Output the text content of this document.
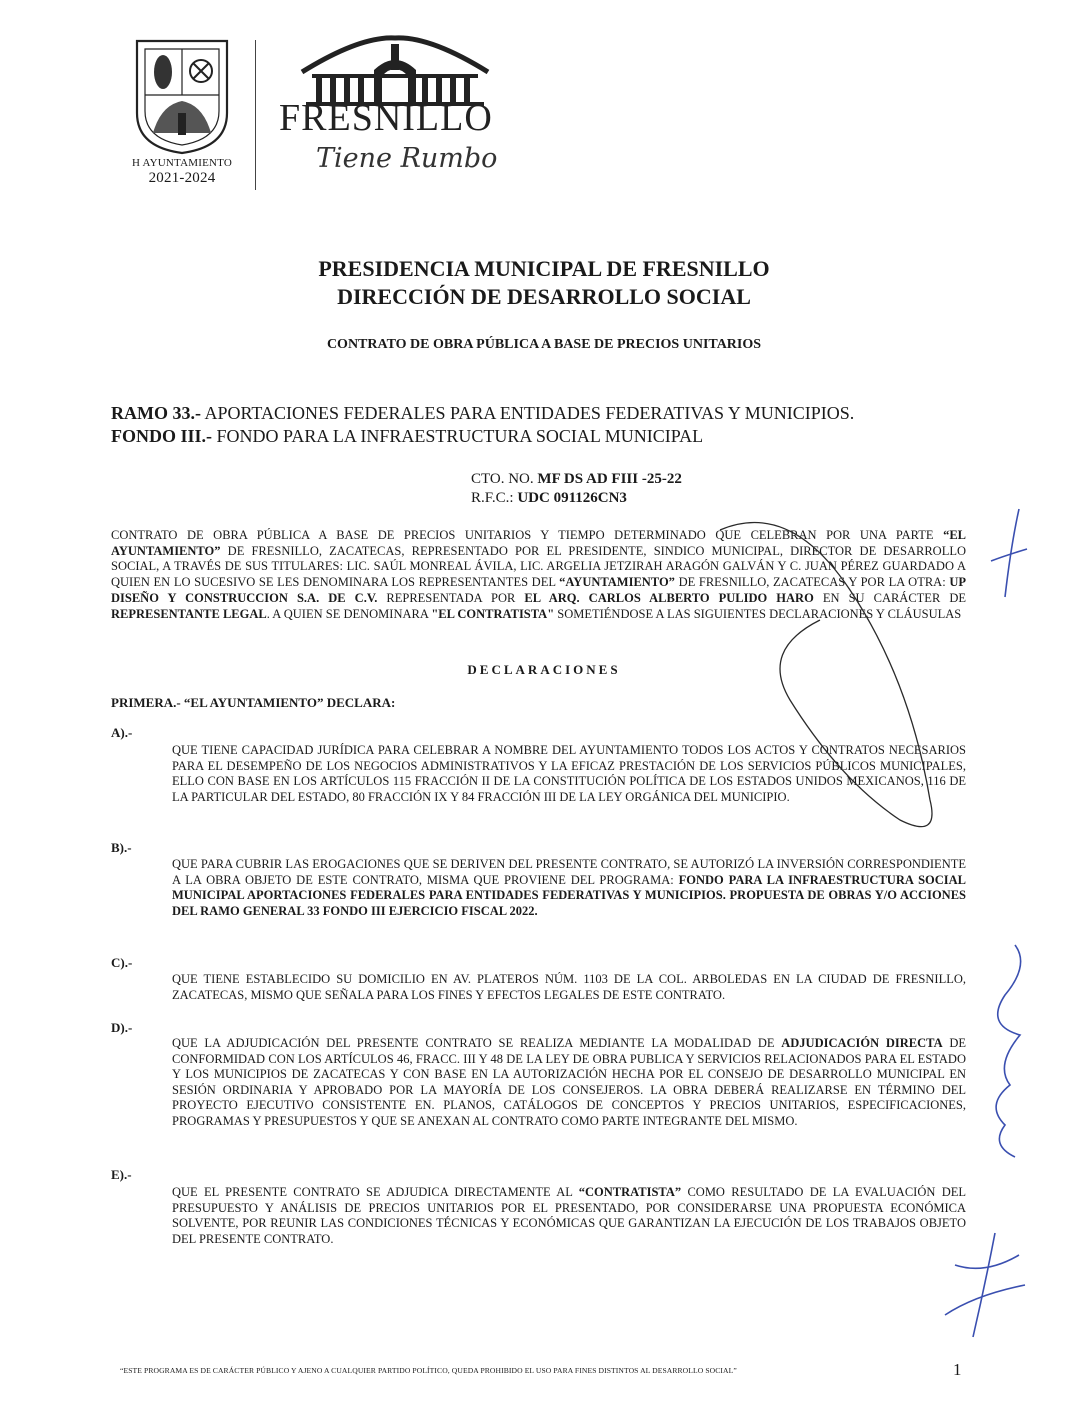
H AYUNTAMIENTO
2021-2024
FRESNILLO
Tiene Rumbo
PRESIDENCIA MUNICIPAL DE FRESNILLO
DIRECCIÓN DE DESARROLLO SOCIAL
CONTRATO DE OBRA PÚBLICA A BASE DE PRECIOS UNITARIOS
RAMO 33.- APORTACIONES FEDERALES PARA ENTIDADES FEDERATIVAS Y MUNICIPIOS.
FONDO III.- FONDO PARA LA INFRAESTRUCTURA SOCIAL MUNICIPAL
CTO. NO. MF DS AD FIII -25-22
R.F.C.: UDC 091126CN3
CONTRATO DE OBRA PÚBLICA A BASE DE PRECIOS UNITARIOS Y TIEMPO DETERMINADO QUE CELEBRAN POR UNA PARTE “EL AYUNTAMIENTO” DE FRESNILLO, ZACATECAS, REPRESENTADO POR EL PRESIDENTE, SINDICO MUNICIPAL, DIRECTOR DE DESARROLLO SOCIAL, A TRAVÉS DE SUS TITULARES: LIC. SAÚL MONREAL ÁVILA, LIC. ARGELIA JETZIRAH ARAGÓN GALVÁN Y C. JUAN PÉREZ GUARDADO A QUIEN EN LO SUCESIVO SE LES DENOMINARA LOS REPRESENTANTES DEL “AYUNTAMIENTO” DE FRESNILLO, ZACATECAS Y POR LA OTRA: UP DISEÑO Y CONSTRUCCION S.A. DE C.V. REPRESENTADA POR EL ARQ. CARLOS ALBERTO PULIDO HARO EN SU CARÁCTER DE REPRESENTANTE LEGAL. A QUIEN SE DENOMINARA "EL CONTRATISTA" SOMETIÉNDOSE A LAS SIGUIENTES DECLARACIONES Y CLÁUSULAS
DECLARACIONES
PRIMERA.- “EL AYUNTAMIENTO” DECLARA:
A).-
QUE TIENE CAPACIDAD JURÍDICA PARA CELEBRAR A NOMBRE DEL AYUNTAMIENTO TODOS LOS ACTOS Y CONTRATOS NECESARIOS PARA EL DESEMPEÑO DE LOS NEGOCIOS ADMINISTRATIVOS Y LA EFICAZ PRESTACIÓN DE LOS SERVICIOS PÚBLICOS MUNICIPALES, ELLO CON BASE EN LOS ARTÍCULOS 115 FRACCIÓN II DE LA CONSTITUCIÓN POLÍTICA DE LOS ESTADOS UNIDOS MEXICANOS, 116 DE LA PARTICULAR DEL ESTADO, 80 FRACCIÓN IX Y 84 FRACCIÓN III DE LA LEY ORGÁNICA DEL MUNICIPIO.
B).-
QUE PARA CUBRIR LAS EROGACIONES QUE SE DERIVEN DEL PRESENTE CONTRATO, SE AUTORIZÓ LA INVERSIÓN CORRESPONDIENTE A LA OBRA OBJETO DE ESTE CONTRATO, MISMA QUE PROVIENE DEL PROGRAMA: FONDO PARA LA INFRAESTRUCTURA SOCIAL MUNICIPAL APORTACIONES FEDERALES PARA ENTIDADES FEDERATIVAS Y MUNICIPIOS. PROPUESTA DE OBRAS Y/O ACCIONES DEL RAMO GENERAL 33 FONDO III EJERCICIO FISCAL 2022.
C).-
QUE TIENE ESTABLECIDO SU DOMICILIO EN AV. PLATEROS NÚM. 1103 DE LA COL. ARBOLEDAS EN LA CIUDAD DE FRESNILLO, ZACATECAS, MISMO QUE SEÑALA PARA LOS FINES Y EFECTOS LEGALES DE ESTE CONTRATO.
D).-
QUE LA ADJUDICACIÓN DEL PRESENTE CONTRATO SE REALIZA MEDIANTE LA MODALIDAD DE ADJUDICACIÓN DIRECTA DE CONFORMIDAD CON LOS ARTÍCULOS 46, FRACC. III Y 48 DE LA LEY DE OBRA PUBLICA Y SERVICIOS RELACIONADOS PARA EL ESTADO Y LOS MUNICIPIOS DE ZACATECAS Y CON BASE EN LA AUTORIZACIÓN HECHA POR EL CONSEJO DE DESARROLLO MUNICIPAL EN SESIÓN ORDINARIA Y APROBADO POR LA MAYORÍA DE LOS CONSEJEROS. LA OBRA DEBERÁ REALIZARSE EN TÉRMINO DEL PROYECTO EJECUTIVO CONSISTENTE EN. PLANOS, CATÁLOGOS DE CONCEPTOS Y PRECIOS UNITARIOS, ESPECIFICACIONES, PROGRAMAS Y PRESUPUESTOS Y QUE SE ANEXAN AL CONTRATO COMO PARTE INTEGRANTE DEL MISMO.
E).-
QUE EL PRESENTE CONTRATO SE ADJUDICA DIRECTAMENTE AL “CONTRATISTA” COMO RESULTADO DE LA EVALUACIÓN DEL PRESUPUESTO Y ANÁLISIS DE PRECIOS UNITARIOS POR EL PRESENTADO, POR CONSIDERARSE UNA PROPUESTA ECONÓMICA SOLVENTE, POR REUNIR LAS CONDICIONES TÉCNICAS Y ECONÓMICAS QUE GARANTIZAN LA EJECUCIÓN DE LOS TRABAJOS OBJETO DEL PRESENTE CONTRATO.
“ESTE PROGRAMA ES DE CARÁCTER PÚBLICO Y AJENO A CUALQUIER PARTIDO POLÍTICO, QUEDA PROHIBIDO EL USO PARA FINES DISTINTOS AL DESARROLLO SOCIAL”	1
